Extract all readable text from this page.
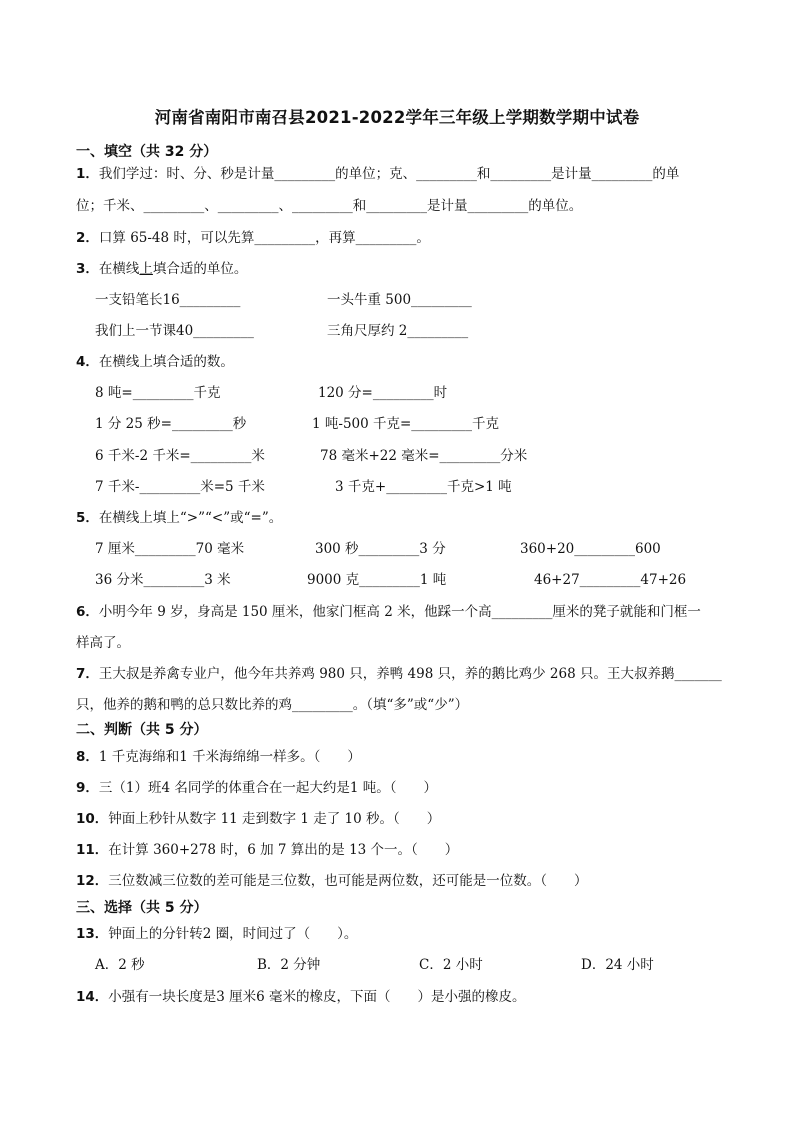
河南省南阳市南召县2021-2022学年三年级上学期数学期中试卷
一、填空（共 32 分）
1．我们学过：时、分、秒是计量_________的单位；克、_________和_________是计量_________的单
位；千米、_________、_________、_________和_________是计量_________的单位。
2．口算 65-48 时，可以先算_________，再算_________。
3．在横线上填合适的单位。
一支铅笔长16_________	一头牛重 500_________
我们上一节课40_________	三角尺厚约 2_________
4．在横线上填合适的数。
8 吨=_________千克	120 分=_________时
1 分 25 秒=_________秒	1 吨-500 千克=_________千克
6 千米-2 千米=_________米	78 毫米+22 毫米=_________分米
7 千米-_________米=5 千米	3 千克+_________千克>1 吨
5．在横线上填上“>”“<”或“=”。
7 厘米_________70 毫米	300 秒_________3 分	360+20_________600
36 分米_________3 米	9000 克_________1 吨	46+27_________47+26
6．小明今年 9 岁，身高是 150 厘米，他家门框高 2 米，他踩一个高_________厘米的凳子就能和门框一
样高了。
7．王大叔是养禽专业户，他今年共养鸡 980 只，养鸭 498 只，养的鹅比鸡少 268 只。王大叔养鹅_______
只，他养的鹅和鸭的总只数比养的鸡_________。（填“多”或“少”）
二、判断（共 5 分）
8．1 千克海绵和1 千米海绵绵一样多。（　　）
9．三（1）班4 名同学的体重合在一起大约是1 吨。（　　）
10．钟面上秒针从数字 11 走到数字 1 走了 10 秒。（　　）
11．在计算 360+278 时，6 加 7 算出的是 13 个一。（　　）
12．三位数减三位数的差可能是三位数，也可能是两位数，还可能是一位数。（　　）
三、选择（共 5 分）
13．钟面上的分针转2 圈，时间过了（　　）。
A．2 秒	B．2 分钟	C．2 小时	D．24 小时
14．小强有一块长度是3 厘米6 毫米的橡皮，下面（　　）是小强的橡皮。
